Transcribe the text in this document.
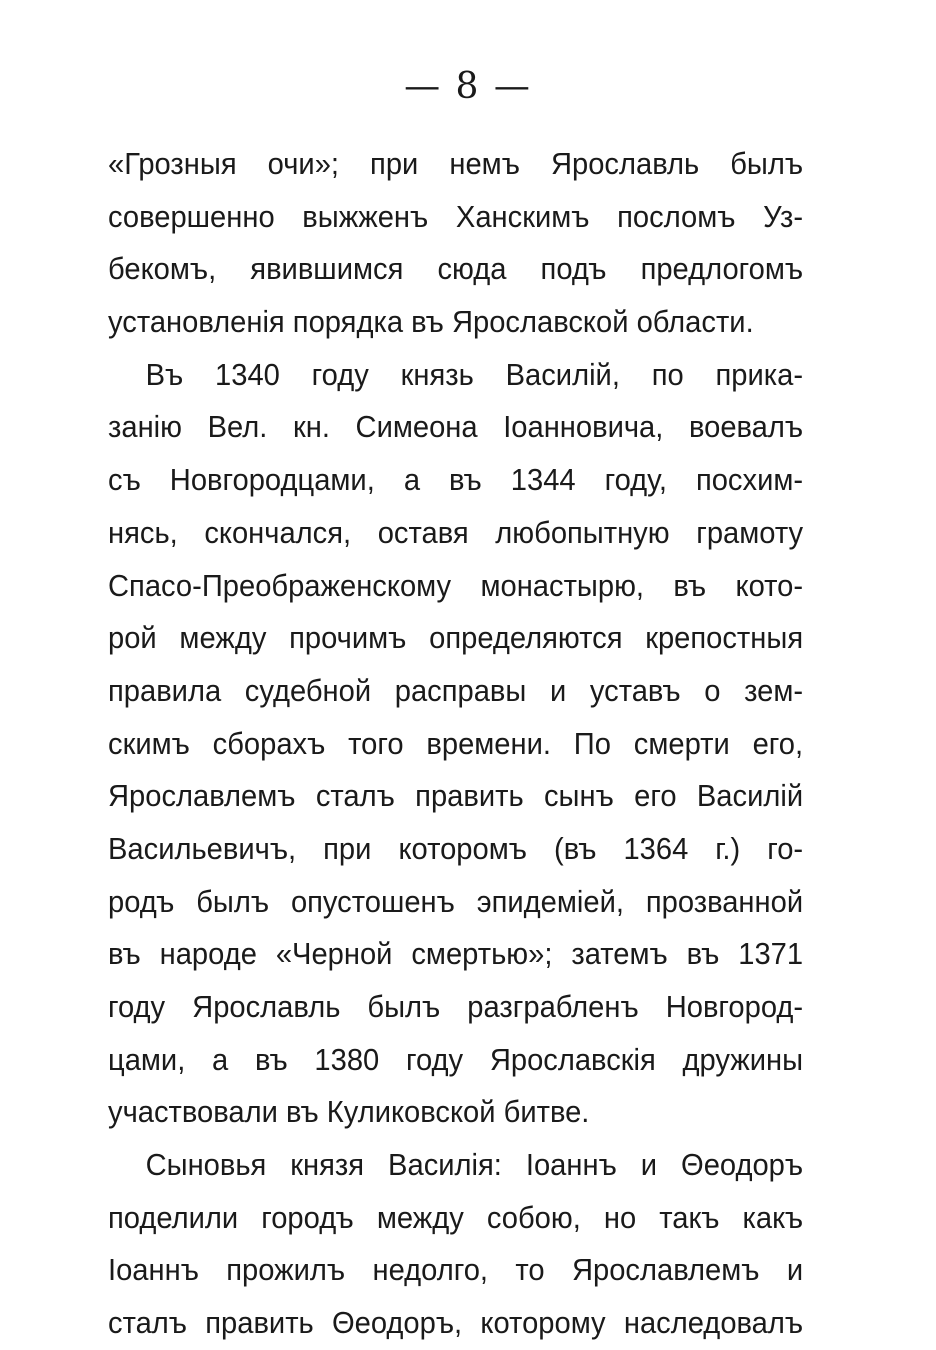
— 8 —
«Грозныя очи»; при немъ Ярославль былъ
совершенно выжженъ Ханскимъ посломъ Уз-
бекомъ, явившимся сюда подъ предлогомъ
установленія порядка въ Ярославской области.
Въ 1340 году князь Василій, по прика-
занію Вел. кн. Симеона Іоанновича, воевалъ
съ Новгородцами, а въ 1344 году, посхим-
нясь, скончался, оставя любопытную грамоту
Спасо-Преображенскому монастырю, въ кото-
рой между прочимъ определяются крепостныя
правила судебной расправы и уставъ о зем-
скимъ сборахъ того времени. По смерти его,
Ярославлемъ сталъ править сынъ его Василій
Васильевичъ, при которомъ (въ 1364 г.) го-
родъ былъ опустошенъ эпидеміей, прозванной
въ народе «Черной смертью»; затемъ въ 1371
году Ярославль былъ разграбленъ Новгород-
цами, а въ 1380 году Ярославскія дружины
участвовали въ Куликовской битве.
Сыновья князя Василія: Іоаннъ и Θеодоръ
поделили городъ между собою, но такъ какъ
Іоаннъ прожилъ недолго, то Ярославлемъ и
сталъ править Θеодоръ, которому наследовалъ
